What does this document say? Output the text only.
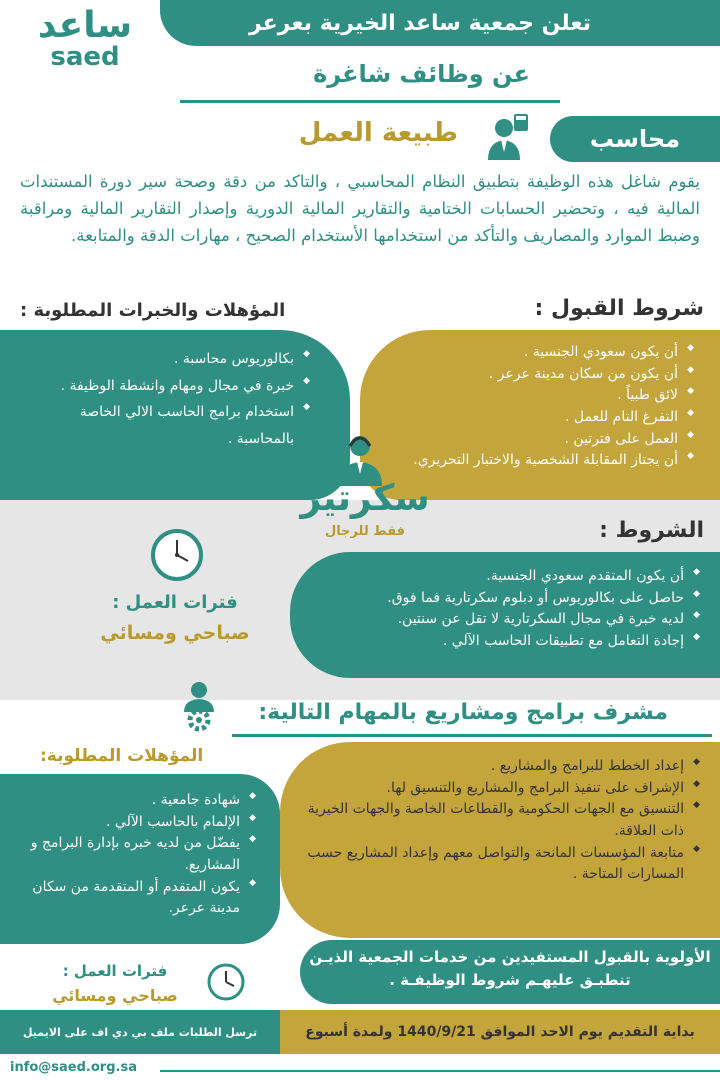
تعلن جمعية ساعد الخيرية بعرعر
ساعد
saed
عن وظائف شاغرة
محاسب
طبيعة العمل

يقوم شاغل هذه الوظيفة بتطبيق النظام المحاسبي ، والتاكد من دقة وصحة سير دورة المستندات المالية فيه ، وتحضير الحسابات الختامية والتقارير المالية الدورية وإصدار التقارير المالية ومراقبة وضبط الموارد والمصاريف والتأكد من استخدامها الأستخدام الصحيح ، مهارات الدقة والمتابعة.

شروط القبول :
المؤهلات والخبرات المطلوبة :
◆ أن يكون سعودي الجنسية .
◆ أن يكون من سكان مدينة عرعر .
◆ لائق طبياً .
◆ التفرغ التام للعمل .
◆ العمل على فترتين .
◆ أن يجتاز المقابلة الشخصية والاختبار التحريري.
◆ بكالوريوس محاسبة .
◆ خبرة في مجال ومهام وانشطة الوظيفة .
◆ استخدام برامج الحاسب الالي الخاصة بالمحاسبة .
سكرتير
فقط للرجال	الشروط :
◆ أن يكون المتقدم سعودي الجنسية.
◆ حاصل على بكالوريوس أو دبلوم سكرتارية فما فوق.
◆ لديه خبرة في مجال السكرتارية لا تقل عن سنتين.
◆ إجادة التعامل مع تطبيقات الحاسب الآلي .
فترات العمل :
صباحي ومسائي
مشرف برامج ومشاريع بالمهام التالية:
◆ إعداد الخطط للبرامج والمشاريع .
◆ الإشراف على تنفيذ البرامج والمشاريع والتنسيق لها.
◆ التنسيق مع الجهات الحكومية والقطاعات الخاصة والجهات الخيرية ذات العلاقة.
◆ متابعة المؤسسات المانحة والتواصل معهم وإعداد المشاريع حسب المسارات المتاحة .
المؤهلات المطلوبة:
◆ شهادة جامعية .
◆ الإلمام بالحاسب الآلي .
◆ يفضّل من لديه خبره بإدارة البرامج و المشاريع.
◆ يكون المتقدم أو المتقدمة من سكان مدينة عرعر.
الأولوية بالقبول المستفيدين من خدمات الجمعية الذيـن تنطبـق عليهـم شروط الوظيفـة .
فترات العمل :
صباحي ومسائي
بداية التقديم يوم الاحد الموافق 1440/9/21 ولمدة أسبوع
ترسل الطلبات ملف بي دي اف على الايميل
info@saed.org.sa
